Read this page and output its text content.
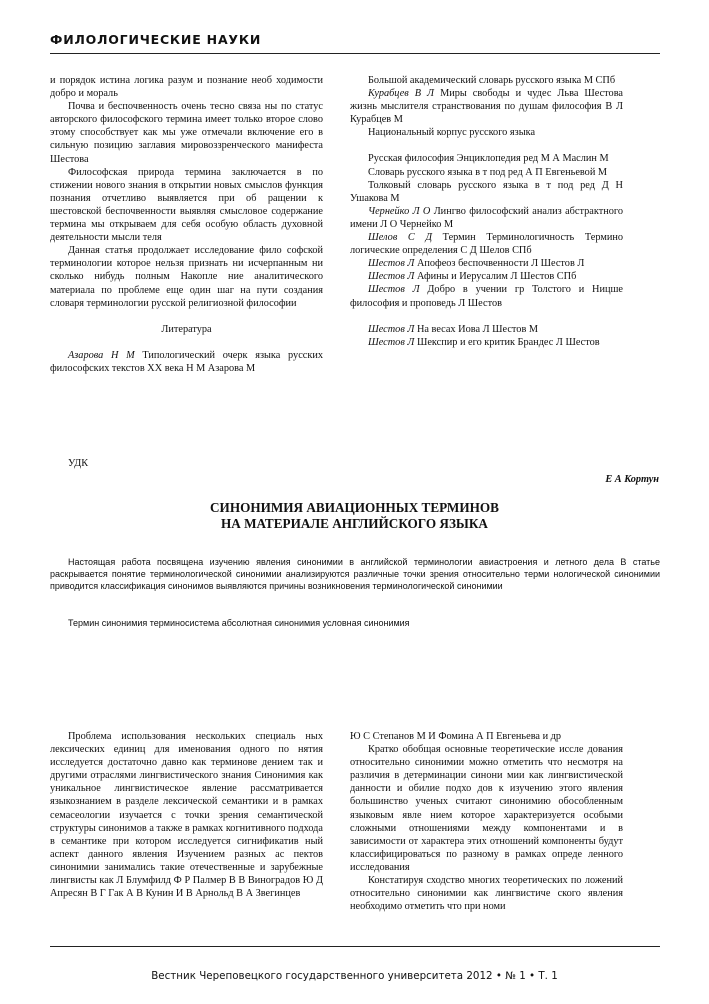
ФИЛОЛОГИЧЕСКИЕ НАУКИ

и порядок истина логика разум и познание необ ходимости добро и мораль

Почва и беспочвенность очень тесно связа ны по статус авторского философского термина имеет только второе слово этому способствует как мы уже отмечали включение его в сильную позицию заглавия мировоззренческого манифеста Шестова

Философская природа термина заключается в по стижении нового знания в открытии новых смыслов функция познания отчетливо выявляется при об ращении к шестовской беспочвенности выявляя смысловое содержание термина мы открываем для себя особую область духовной деятельности мысли теля

Данная статья продолжает исследование фило софской терминологии которое нельзя признать ни исчерпанным ни сколько нибудь полным Накопле ние аналитического материала по проблеме еще один шаг на пути создания словаря терминологии русской религиозной философии

Литература

Азарова Н М Типологический очерк языка русских философских текстов XX века Н М Азарова М

Большой академический словарь русского языка М СПб

Курабцев В Л Миры свободы и чудес Льва Шестова жизнь мыслителя странствования по душам философия В Л Курабцев М

Национальный корпус русского языка

Русская философия Энциклопедия ред М А Маслин М

Словарь русского языка в т под ред А П Евгеньевой М

Толковый словарь русского языка в т под ред Д Н Ушакова М

Чернейко Л О Лингво философский анализ абстрактного имени Л О Чернейко М

Шелов С Д Термин Терминологичность Термино логические определения С Д Шелов СПб

Шестов Л Апофеоз беспочвенности Л Шестов Л

Шестов Л Афины и Иерусалим Л Шестов СПб

Шестов Л Добро в учении гр Толстого и Ницше философия и проповедь Л Шестов

Шестов Л На весах Иова Л Шестов М

Шестов Л Шекспир и его критик Брандес Л Шестов

УДК
Е А Кортун
СИНОНИМИЯ АВИАЦИОННЫХ ТЕРМИНОВ
НА МАТЕРИАЛЕ АНГЛИЙСКОГО ЯЗЫКА
Настоящая работа посвящена изучению явления синонимии в английской терминологии авиастроения и летного дела В статье раскрывается понятие терминологической синонимии анализируются различные точки зрения относительно терми нологической синонимии приводится классификация синонимов выявляются причины возникновения терминологической синонимии
Термин синонимия терминосистема абсолютная синонимия условная синонимия

Проблема использования нескольких специаль ных лексических единиц для именования одного по нятия исследуется достаточно давно как терминове дением так и другими отраслями лингвистического знания Синонимия как уникальное лингвистическое явление рассматривается языкознанием в разделе лексической семантики и в рамках семасеологии изучается с точки зрения семантической структуры синонимов а также в рамках когнитивного подхода в семантике при котором исследуется сигнификатив ный аспект данного явления Изучением разных ас пектов синонимии занимались такие отечественные и зарубежные лингвисты как Л Блумфилд Ф Р Палмер В В Виноградов Ю Д Апресян В Г Гак А В Кунин И В Арнольд В А Звегинцев

Ю С Степанов М И Фомина А П Евгеньева и др

Кратко обобщая основные теоретические иссле дования относительно синонимии можно отметить что несмотря на различия в детерминации синони мии как лингвистической данности и обилие подхо дов к изучению этого явления большинство ученых считают синонимию обособленным языковым явле нием которое характеризуется особыми сложными отношениями между компонентами и в зависимости от характера этих отношений компоненты будут классифицироваться по разному в рамках опреде ленного исследования

Констатируя сходство многих теоретических по ложений относительно синонимии как лингвистиче ского явления необходимо отметить что при номи

Вестник Череповецкого государственного университета 2012 • № 1 • Т. 1
